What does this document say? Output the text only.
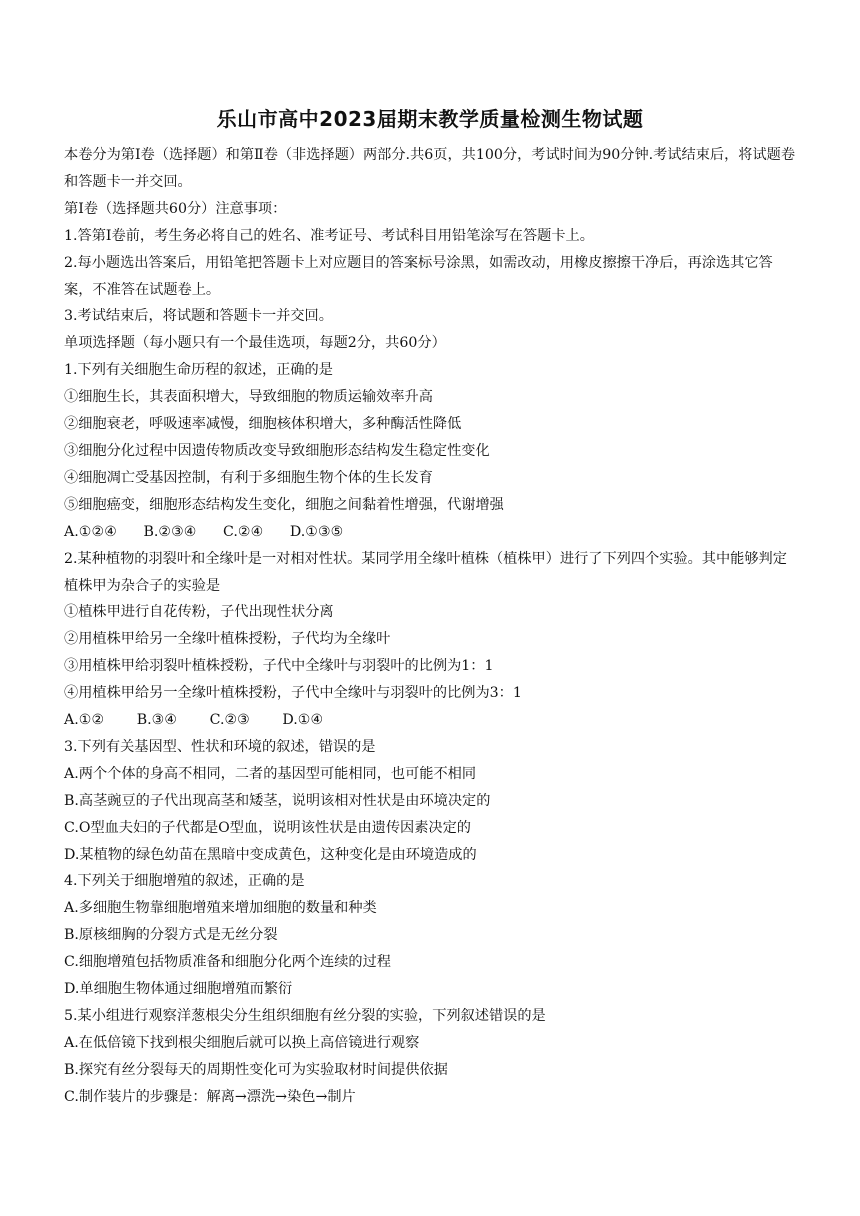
乐山市高中2023届期末教学质量检测生物试题

本卷分为第Ⅰ卷（选择题）和第Ⅱ卷（非选择题）两部分.共6页，共100分，考试时间为90分钟.考试结束后，将试题卷和答题卡一并交回。

第Ⅰ卷（选择题共60分）注意事项：

1.答第Ⅰ卷前，考生务必将自己的姓名、准考证号、考试科目用铅笔涂写在答题卡上。

2.每小题选出答案后，用铅笔把答题卡上对应题目的答案标号涂黑，如需改动，用橡皮擦擦干净后，再涂选其它答案，不准答在试题卷上。

3.考试结束后，将试题和答题卡一并交回。

单项选择题（每小题只有一个最佳选项，每题2分，共60分）

1.下列有关细胞生命历程的叙述，正确的是

①细胞生长，其表面积增大，导致细胞的物质运输效率升高

②细胞衰老，呼吸速率减慢，细胞核体积增大，多种酶活性降低

③细胞分化过程中因遗传物质改变导致细胞形态结构发生稳定性变化

④细胞凋亡受基因控制，有利于多细胞生物个体的生长发育

⑤细胞癌变，细胞形态结构发生变化，细胞之间黏着性增强，代谢增强

A.①②④ B.②③④ C.②④ D.①③⑤

2.某种植物的羽裂叶和全缘叶是一对相对性状。某同学用全缘叶植株（植株甲）进行了下列四个实验。其中能够判定植株甲为杂合子的实验是

①植株甲进行自花传粉，子代出现性状分离

②用植株甲给另一全缘叶植株授粉，子代均为全缘叶

③用植株甲给羽裂叶植株授粉，子代中全缘叶与羽裂叶的比例为1：1

④用植株甲给另一全缘叶植株授粉，子代中全缘叶与羽裂叶的比例为3：1

A.①② B.③④ C.②③ D.①④

3.下列有关基因型、性状和环境的叙述，错误的是

A.两个个体的身高不相同，二者的基因型可能相同，也可能不相同

B.高茎豌豆的子代出现高茎和矮茎，说明该相对性状是由环境决定的

C.O型血夫妇的子代都是O型血，说明该性状是由遗传因素决定的

D.某植物的绿色幼苗在黑暗中变成黄色，这种变化是由环境造成的

4.下列关于细胞增殖的叙述，正确的是

A.多细胞生物靠细胞增殖来增加细胞的数量和种类

B.原核细胸的分裂方式是无丝分裂

C.细胞增殖包括物质准备和细胞分化两个连续的过程

D.单细胞生物体通过细胞增殖而繁衍

5.某小组进行观察洋葱根尖分生组织细胞有丝分裂的实验，下列叙述错误的是

A.在低倍镜下找到根尖细胞后就可以换上高倍镜进行观察

B.探究有丝分裂每天的周期性变化可为实验取材时间提供依据

C.制作装片的步骤是：解离→漂洗→染色→制片
